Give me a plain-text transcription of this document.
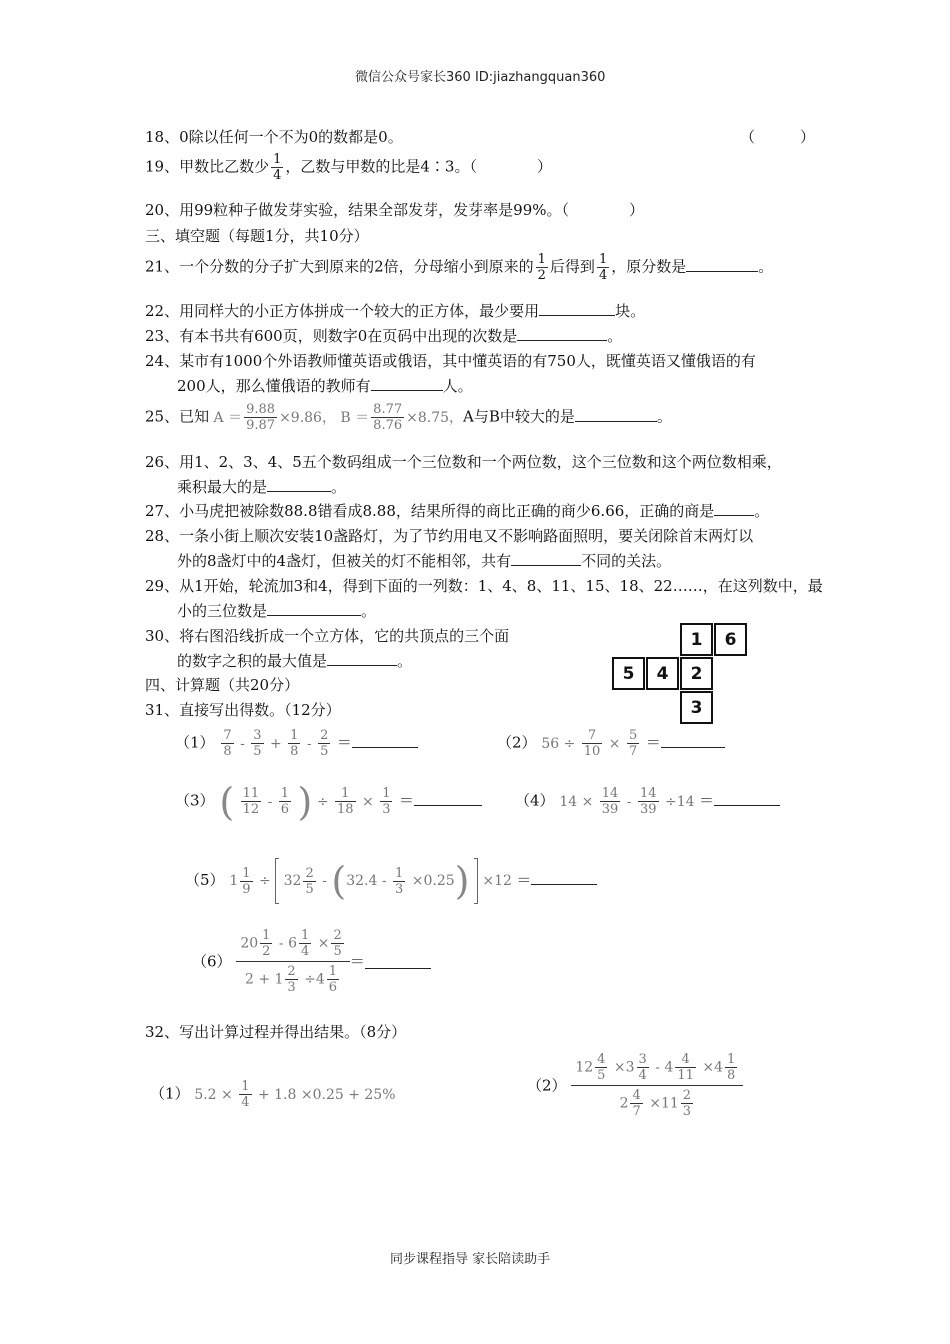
微信公众号家长360 ID:jiazhangquan360
同步课程指导 家长陪读助手
18、0除以任何一个不为0的数都是0。	（　　　）
19、甲数比乙数少 $\frac{1}{4}$ ，乙数与甲数的比是4∶3。（　　　　）
20、用99粒种子做发芽实验，结果全部发芽，发芽率是99%。（　　　　）
三、填空题（每题1分，共10分）
21、一个分数的分子扩大到原来的2倍，分母缩小到原来的 $\frac{1}{2}$ 后得到 $\frac{1}{4}$ ，原分数是	。
22、用同样大的小正方体拼成一个较大的正方体，最少要用	块。
23、有本书共有600页，则数字0在页码中出现的次数是	。
24、某市有1000个外语教师懂英语或俄语，其中懂英语的有750人，既懂英语又懂俄语的有
200人，那么懂俄语的教师有	人。
25、已知 $A = \frac{9.88}{9.87} \times 9.86$， $B = \frac{8.77}{8.76} \times 8.75$，A与B中较大的是	。
26、用1、2、3、4、5五个数码组成一个三位数和一个两位数，这个三位数和这个两位数相乘，
乘积最大的是	。
27、小马虎把被除数88.8错看成8.88，结果所得的商比正确的商少6.66，正确的商是	。
28、一条小街上顺次安装10盏路灯，为了节约用电又不影响路面照明，要关闭除首末两灯以
外的8盏灯中的4盏灯，但被关的灯不能相邻，共有	不同的关法。
29、从1开始，轮流加3和4，得到下面的一列数：1、4、8、11、15、18、22……，在这列数中，最
小的三位数是	。
30、将右图沿线折成一个立方体，它的共顶点的三个面
的数字之积的最大值是	。
1	6
5	4	2
3
四、计算题（共20分）
31、直接写出得数。（12分）
$(1) \frac{7}{8} - \frac{3}{5} + \frac{1}{8} - \frac{2}{5}$ ＝	（2） $56 \div \frac{7}{10} \times \frac{5}{7}$ ＝
（3） ( $\frac{11}{12} - \frac{1}{6}$ ) ÷ $\frac{1}{18} \times \frac{1}{3}$ ＝	（4） $14 \times \frac{14}{39} - \frac{14}{39} \div 14$ ＝
（5） $1 \frac{1}{9} \div 32 \frac{2}{5} - (32.4 - \frac{1}{3} \times 0.25) \times 12$ ＝
$(6) \frac{20 \frac{1}{2} - 6 \frac{1}{4} \times \frac{2}{5}}{2 + 1 \frac{2}{3} \div 4 \frac{1}{6}}$ ＝
32、写出计算过程并得出结果。（8分）
（1） $5.2 \times \frac{1}{4} + 1.8 \times 0.25 + 25\%$	$(2) \frac{12 \frac{4}{5} \times 3 \frac{3}{4} - 4 \frac{4}{11} \times 4 \frac{1}{8}}{2 \frac{4}{7} \times 11 \frac{2}{3}}$
